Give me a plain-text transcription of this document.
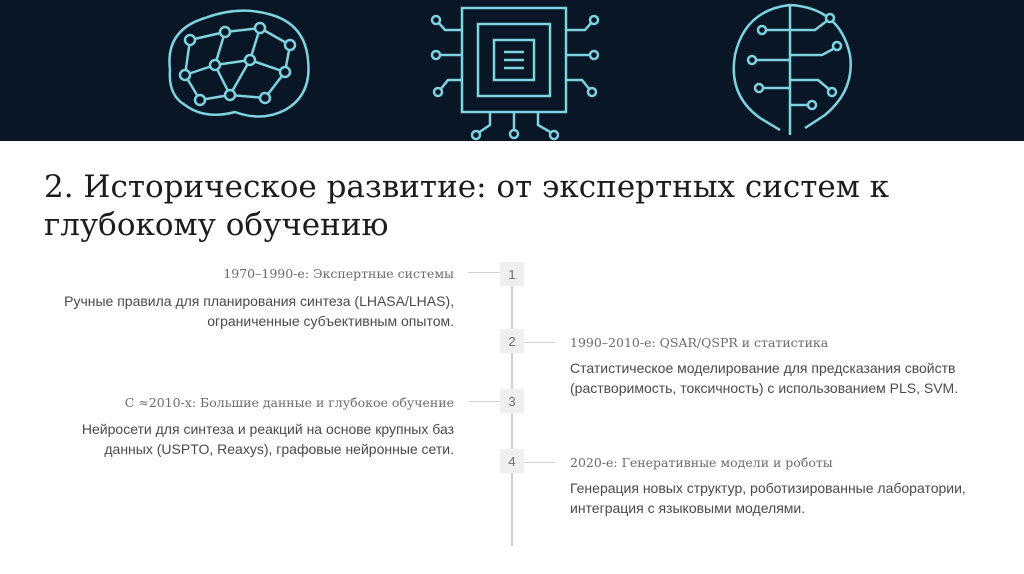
2. Историческое развитие: от экспертных систем к глубокому обучению
1
1970–1990-е: Экспертные системы
Ручные правила для планирования синтеза (LHASA/LHAS), ограниченные субъективным опытом.
2	1990–2010-е: QSAR/QSPR и статистика
Статистическое моделирование для предсказания свойств (растворимость, токсичность) с использованием PLS, SVM.
3
С ≈2010-х: Большие данные и глубокое обучение
Нейросети для синтеза и реакций на основе крупных баз данных (USPTO, Reaxys), графовые нейронные сети.
4	2020-е: Генеративные модели и роботы
Генерация новых структур, роботизированные лаборатории, интеграция с языковыми моделями.
